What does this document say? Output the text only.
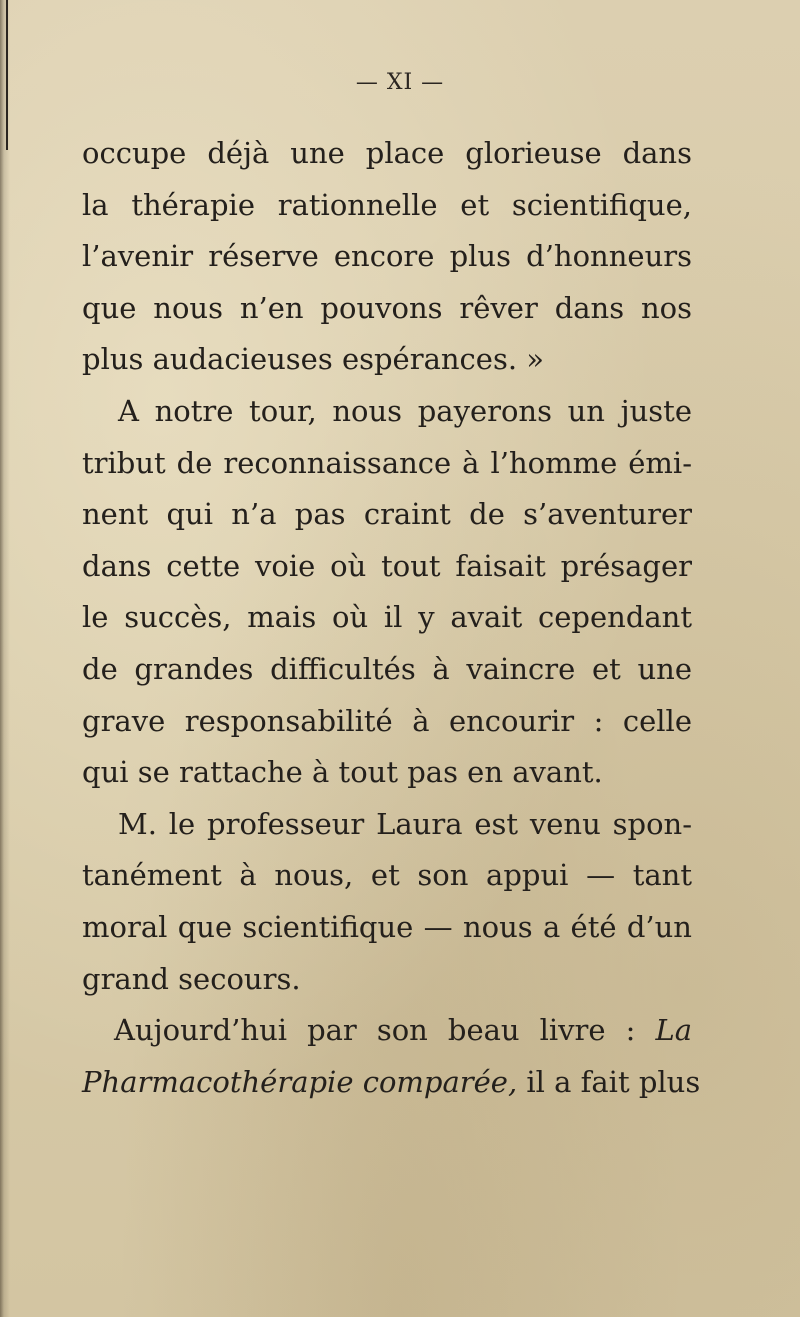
— XI —
occupe déjà une place glorieuse dans
la thérapie rationnelle et scientifique,
l’avenir réserve encore plus d’honneurs
que nous n’en pouvons rêver dans nos
plus audacieuses espérances. »
A notre tour, nous payerons un juste
tribut de reconnaissance à l’homme émi-
nent qui n’a pas craint de s’aventurer
dans cette voie où tout faisait présager
le succès, mais où il y avait cependant
de grandes difficultés à vaincre et une
grave responsabilité à encourir : celle
qui se rattache à tout pas en avant.
M. le professeur Laura est venu spon-
tanément à nous, et son appui — tant
moral que scientifique — nous a été d’un
grand secours.
Aujourd’hui par son beau livre : La
Pharmacothérapie comparée, il a fait plus
